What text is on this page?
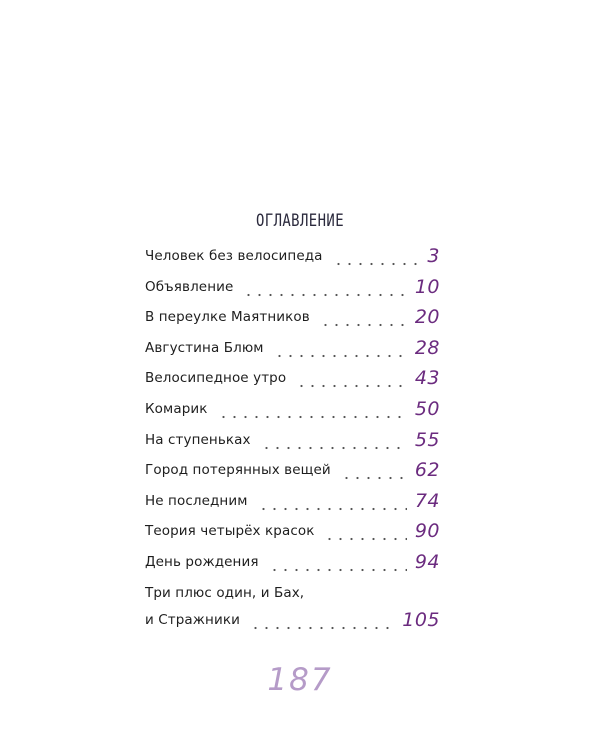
ОГЛАВЛЕНИЕ
Человек без велосипеда	3
Объявление	10
В переулке Маятников	20
Августина Блюм	28
Велосипедное утро	43
Комарик	50
На ступеньках	55
Город потерянных вещей	62
Не последним	74
Теория четырёх красок	90
День рождения	94
Три плюс один, и Бах,
и Стражники	105
187
